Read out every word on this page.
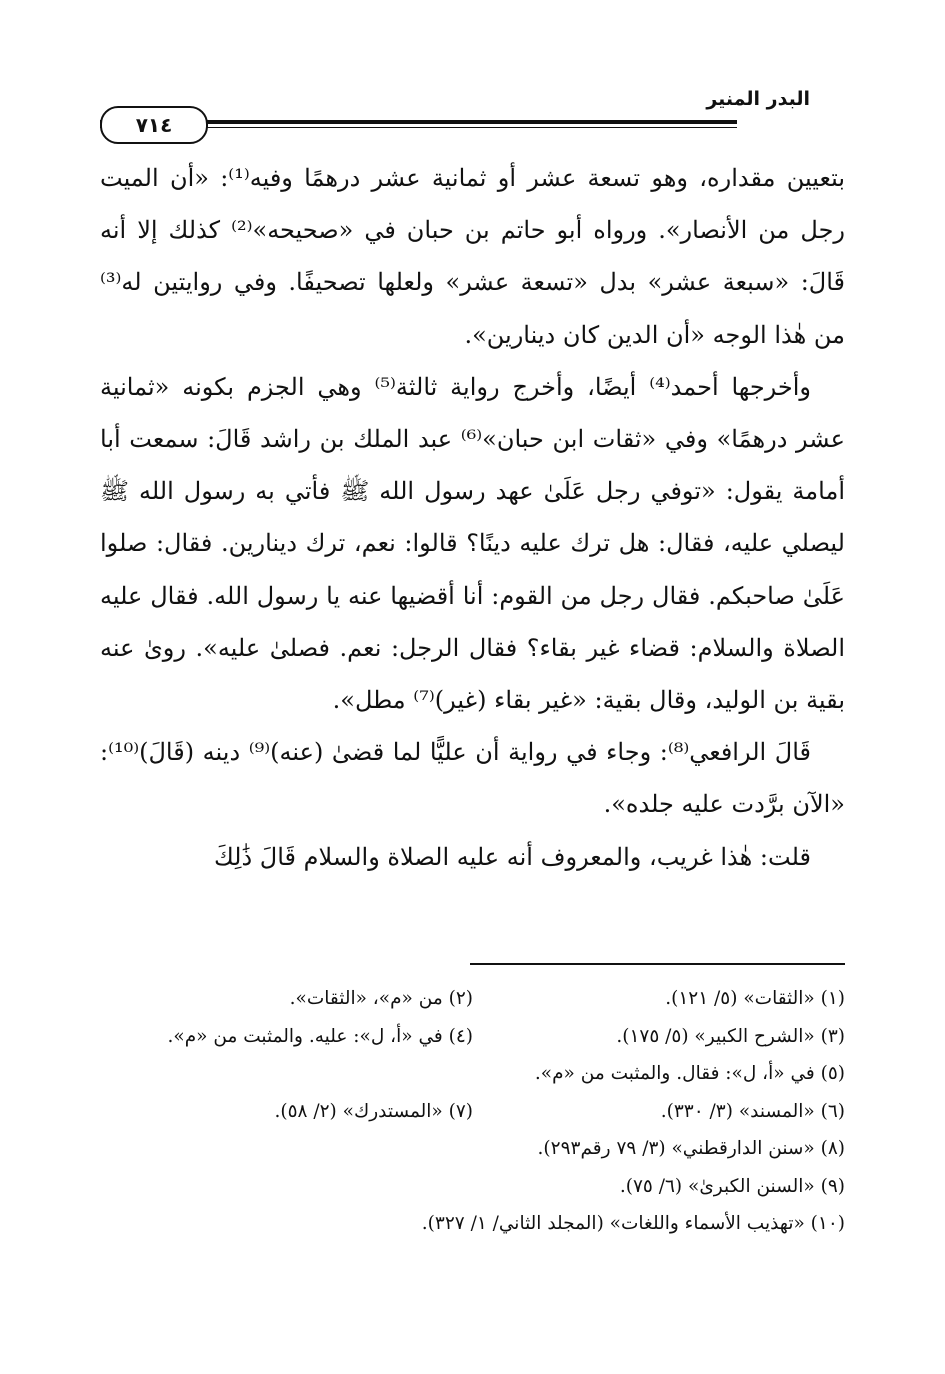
البدر المنير
٧١٤

بتعيين مقداره، وهو تسعة عشر أو ثمانية عشر درهمًا وفيه⁽¹⁾: «أن الميت رجل من الأنصار». ورواه أبو حاتم بن حبان في «صحيحه»⁽²⁾ كذلك إلا أنه قَالَ: «سبعة عشر» بدل «تسعة عشر» ولعلها تصحيفًا. وفي روايتين له⁽³⁾ من هٰذا الوجه «أن الدين كان دينارين».

وأخرجها أحمد⁽⁴⁾ أيضًا، وأخرج رواية ثالثة⁽⁵⁾ وهي الجزم بكونه «ثمانية عشر درهمًا» وفي «ثقات ابن حبان»⁽⁶⁾ عبد الملك بن راشد قَالَ: سمعت أبا أمامة يقول: «توفي رجل عَلَىٰ عهد رسول الله ﷺ فأتي به رسول الله ﷺ ليصلي عليه، فقال: هل ترك عليه دينًا؟ قالوا: نعم، ترك دينارين. فقال: صلوا عَلَىٰ صاحبكم. فقال رجل من القوم: أنا أقضيها عنه يا رسول الله. فقال عليه الصلاة والسلام: قضاء غير بقاء؟ فقال الرجل: نعم. فصلىٰ عليه». روىٰ عنه بقية بن الوليد، وقال بقية: «غير بقاء (غير)⁽⁷⁾ مطل».

قَالَ الرافعي⁽⁸⁾: وجاء في رواية أن عليًّا لما قضىٰ (عنه)⁽⁹⁾ دينه (قَالَ)⁽¹⁰⁾: «الآن برَّدت عليه جلده».

قلت: هٰذا غريب، والمعروف أنه عليه الصلاة والسلام قَالَ ذَٰلِكَ

(١) «الثقات» (٥/ ١٢١).
(٢) من «م»، «الثقات».
(٣) «الشرح الكبير» (٥/ ١٧٥).
(٤) في «أ، ل»: عليه. والمثبت من «م».
(٥) في «أ، ل»: فقال. والمثبت من «م».
(٦) «المسند» (٣/ ٣٣٠).
(٧) «المستدرك» (٢/ ٥٨).
(٨) «سنن الدارقطني» (٣/ ٧٩ رقم٢٩٣).
(٩) «السنن الكبرىٰ» (٦/ ٧٥).
(١٠) «تهذيب الأسماء واللغات» (المجلد الثاني/ ١/ ٣٢٧).
